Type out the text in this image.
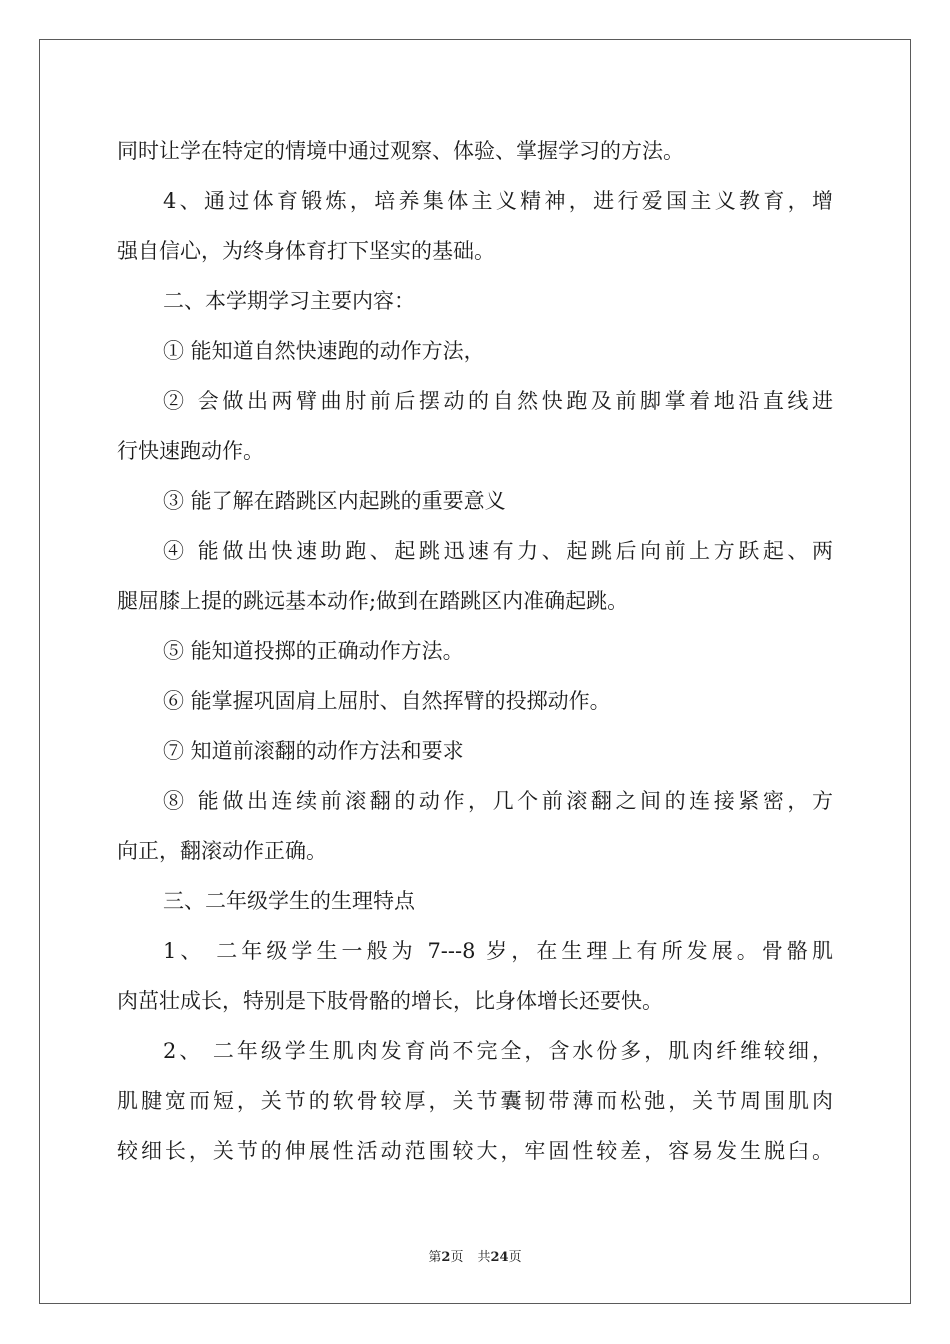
同时让学在特定的情境中通过观察、体验、掌握学习的方法。
4、通过体育锻炼，培养集体主义精神，进行爱国主义教育，增
强自信心，为终身体育打下坚实的基础。
二、本学期学习主要内容：
① 能知道自然快速跑的动作方法，
② 会做出两臂曲肘前后摆动的自然快跑及前脚掌着地沿直线进
行快速跑动作。
③ 能了解在踏跳区内起跳的重要意义
④ 能做出快速助跑、起跳迅速有力、起跳后向前上方跃起、两
腿屈膝上提的跳远基本动作;做到在踏跳区内准确起跳。
⑤ 能知道投掷的正确动作方法。
⑥ 能掌握巩固肩上屈肘、自然挥臂的投掷动作。
⑦ 知道前滚翻的动作方法和要求
⑧ 能做出连续前滚翻的动作，几个前滚翻之间的连接紧密，方
向正，翻滚动作正确。
三、二年级学生的生理特点
1、 二年级学生一般为 7---8 岁，在生理上有所发展。骨骼肌
肉茁壮成长，特别是下肢骨骼的增长，比身体增长还要快。
2、 二年级学生肌肉发育尚不完全，含水份多，肌肉纤维较细，
肌腱宽而短，关节的软骨较厚，关节囊韧带薄而松弛，关节周围肌肉
较细长，关节的伸展性活动范围较大，牢固性较差，容易发生脱臼。
第2页 共24页
